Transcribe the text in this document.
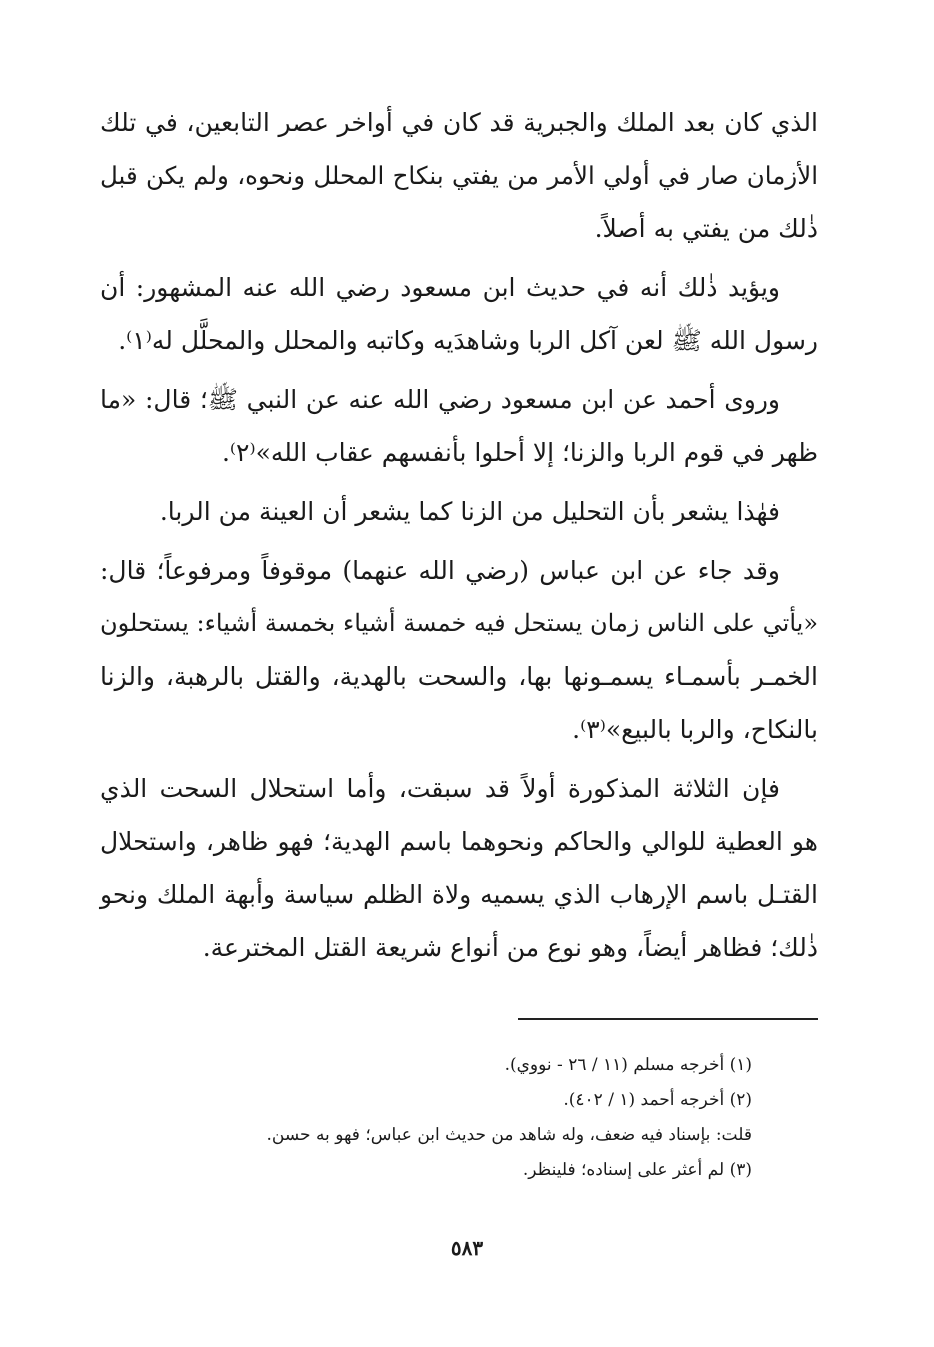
الذي كان بعد الملك والجبرية قد كان في أواخر عصر التابعين، في تلك
الأزمان صار في أولي الأمر من يفتي بنكاح المحلل ونحوه، ولم يكن قبل
ذٰلك من يفتي به أصلاً.
ويؤيد ذٰلك أنه في حديث ابن مسعود رضي الله عنه المشهور: أن
رسول الله ﷺ لعن آكل الربا وشاهدَيه وكاتبه والمحلل والمحلَّل له⁽١⁾.
وروى أحمد عن ابن مسعود رضي الله عنه عن النبي ﷺ؛ قال: «ما
ظهر في قوم الربا والزنا؛ إلا أحلوا بأنفسهم عقاب الله»⁽٢⁾.
فهٰذا يشعر بأن التحليل من الزنا كما يشعر أن العينة من الربا.
وقد جاء عن ابن عباس (رضي الله عنهما) موقوفاً ومرفوعاً؛ قال:
«يأتي على الناس زمان يستحل فيه خمسة أشياء بخمسة أشياء: يستحلون
الخمـر بأسمـاء يسمـونها بها، والسحت بالهدية، والقتل بالرهبة، والزنا
بالنكاح، والربا بالبيع»⁽٣⁾.
فإن الثلاثة المذكورة أولاً قد سبقت، وأما استحلال السحت الذي
هو العطية للوالي والحاكم ونحوهما باسم الهدية؛ فهو ظاهر، واستحلال
القتـل باسم الإرهاب الذي يسميه ولاة الظلم سياسة وأبهة الملك ونحو
ذٰلك؛ فظاهر أيضاً، وهو نوع من أنواع شريعة القتل المخترعة.
(١) أخرجه مسلم (١١ / ٢٦ - نووي).
(٢) أخرجه أحمد (١ / ٤٠٢).
قلت: بإسناد فيه ضعف، وله شاهد من حديث ابن عباس؛ فهو به حسن.
(٣) لم أعثر على إسناده؛ فلينظر.
٥٨٣
